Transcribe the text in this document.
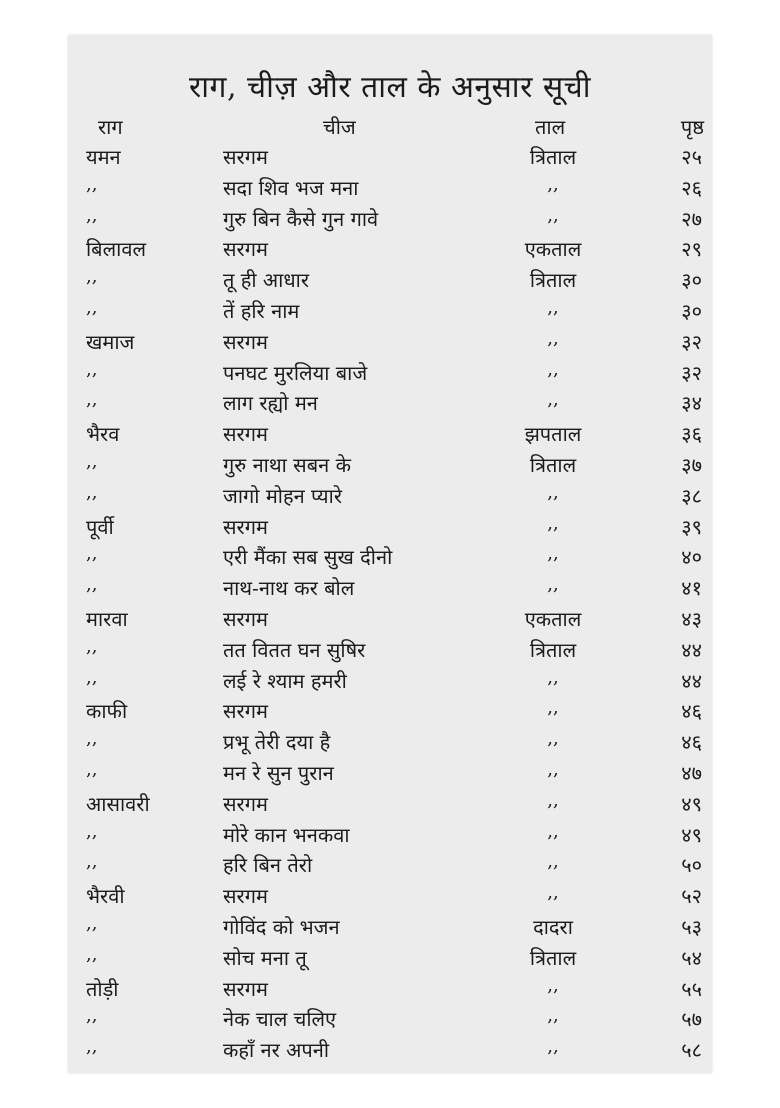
राग, चीज़ और ताल के अनुसार सूची
राग	चीज	ताल	पृष्ठ
यमन	सरगम	त्रिताल	२५
,,	सदा शिव भज मना	,,	२६
,,	गुरु बिन कैसे गुन गावे	,,	२७
बिलावल	सरगम	एकताल	२९
,,	तू ही आधार	त्रिताल	३०
,,	तें हरि नाम	,,	३०
खमाज	सरगम	,,	३२
,,	पनघट मुरलिया बाजे	,,	३२
,,	लाग रह्यो मन	,,	३४
भैरव	सरगम	झपताल	३६
,,	गुरु नाथा सबन के	त्रिताल	३७
,,	जागो मोहन प्यारे	,,	३८
पूर्वी	सरगम	,,	३९
,,	एरी मैंका सब सुख दीनो	,,	४०
,,	नाथ-नाथ कर बोल	,,	४१
मारवा	सरगम	एकताल	४३
,,	तत वितत घन सुषिर	त्रिताल	४४
,,	लई रे श्याम हमरी	,,	४४
काफी	सरगम	,,	४६
,,	प्रभू तेरी दया है	,,	४६
,,	मन रे सुन पुरान	,,	४७
आसावरी	सरगम	,,	४९
,,	मोरे कान भनकवा	,,	४९
,,	हरि बिन तेरो	,,	५०
भैरवी	सरगम	,,	५२
,,	गोविंद को भजन	दादरा	५३
,,	सोच मना तू	त्रिताल	५४
तोड़ी	सरगम	,,	५५
,,	नेक चाल चलिए	,,	५७
,,	कहाँ नर अपनी	,,	५८
